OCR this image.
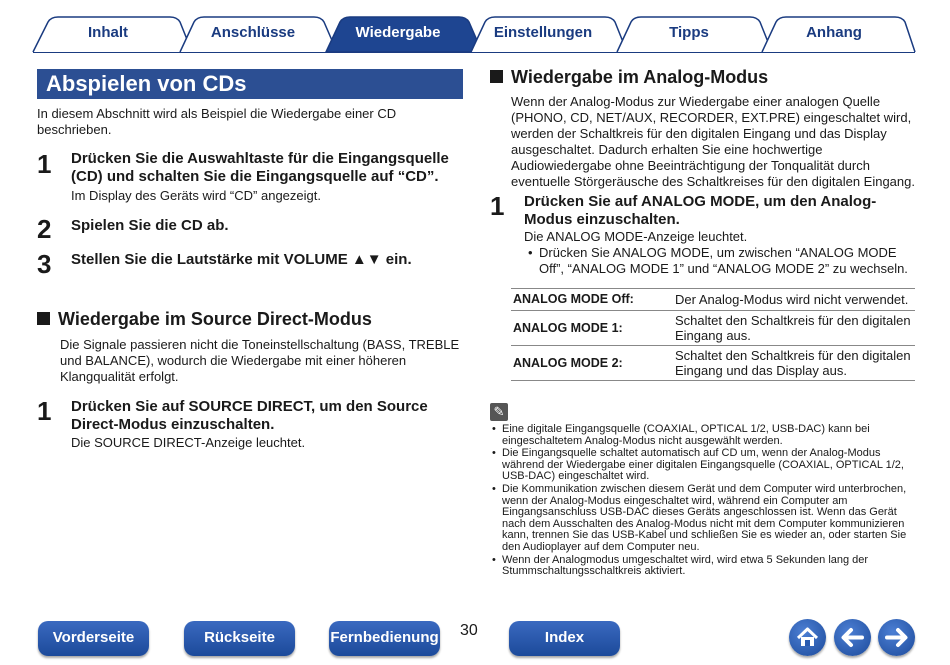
Inhalt	Anschlüsse	Wiedergabe	Einstellungen	Tipps	Anhang
Abspielen von CDs
In diesem Abschnitt wird als Beispiel die Wiedergabe einer CD beschrieben.
1 Drücken Sie die Auswahltaste für die Eingangsquelle (CD) und schalten Sie die Eingangsquelle auf “CD”.
Im Display des Geräts wird “CD” angezeigt.
2 Spielen Sie die CD ab.
3 Stellen Sie die Lautstärke mit VOLUME ▲▼ ein.
Wiedergabe im Source Direct-Modus
Die Signale passieren nicht die Toneinstellschaltung (BASS, TREBLE und BALANCE), wodurch die Wiedergabe mit einer höheren Klangqualität erfolgt.
1 Drücken Sie auf SOURCE DIRECT, um den Source Direct-Modus einzuschalten.
Die SOURCE DIRECT-Anzeige leuchtet.
Wiedergabe im Analog-Modus
Wenn der Analog-Modus zur Wiedergabe einer analogen Quelle (PHONO, CD, NET/AUX, RECORDER, EXT.PRE) eingeschaltet wird, werden der Schaltkreis für den digitalen Eingang und das Display ausgeschaltet. Dadurch erhalten Sie eine hochwertige Audiowiedergabe ohne Beeinträchtigung der Tonqualität durch eventuelle Störgeräusche des Schaltkreises für den digitalen Eingang.
1 Drücken Sie auf ANALOG MODE, um den Analog-Modus einzuschalten.
Die ANALOG MODE-Anzeige leuchtet.
• Drücken Sie ANALOG MODE, um zwischen “ANALOG MODE Off”, “ANALOG MODE 1” und “ANALOG MODE 2” zu wechseln.
ANALOG MODE Off:	Der Analog-Modus wird nicht verwendet.
ANALOG MODE 1:	Schaltet den Schaltkreis für den digitalen Eingang aus.
ANALOG MODE 2:	Schaltet den Schaltkreis für den digitalen Eingang und das Display aus.
✎
• Eine digitale Eingangsquelle (COAXIAL, OPTICAL 1/2, USB-DAC) kann bei eingeschaltetem Analog-Modus nicht ausgewählt werden.
• Die Eingangsquelle schaltet automatisch auf CD um, wenn der Analog-Modus während der Wiedergabe einer digitalen Eingangsquelle (COAXIAL, OPTICAL 1/2, USB-DAC) eingeschaltet wird.
• Die Kommunikation zwischen diesem Gerät und dem Computer wird unterbrochen, wenn der Analog-Modus eingeschaltet wird, während ein Computer am Eingangsanschluss USB-DAC dieses Geräts angeschlossen ist. Wenn das Gerät nach dem Ausschalten des Analog-Modus nicht mit dem Computer kommunizieren kann, trennen Sie das USB-Kabel und schließen Sie es wieder an, oder starten Sie den Audioplayer auf dem Computer neu.
• Wenn der Analogmodus umgeschaltet wird, wird etwa 5 Sekunden lang der Stummschaltungsschaltkreis aktiviert.
Vorderseite	Rückseite	Fernbedienung 30	Index
